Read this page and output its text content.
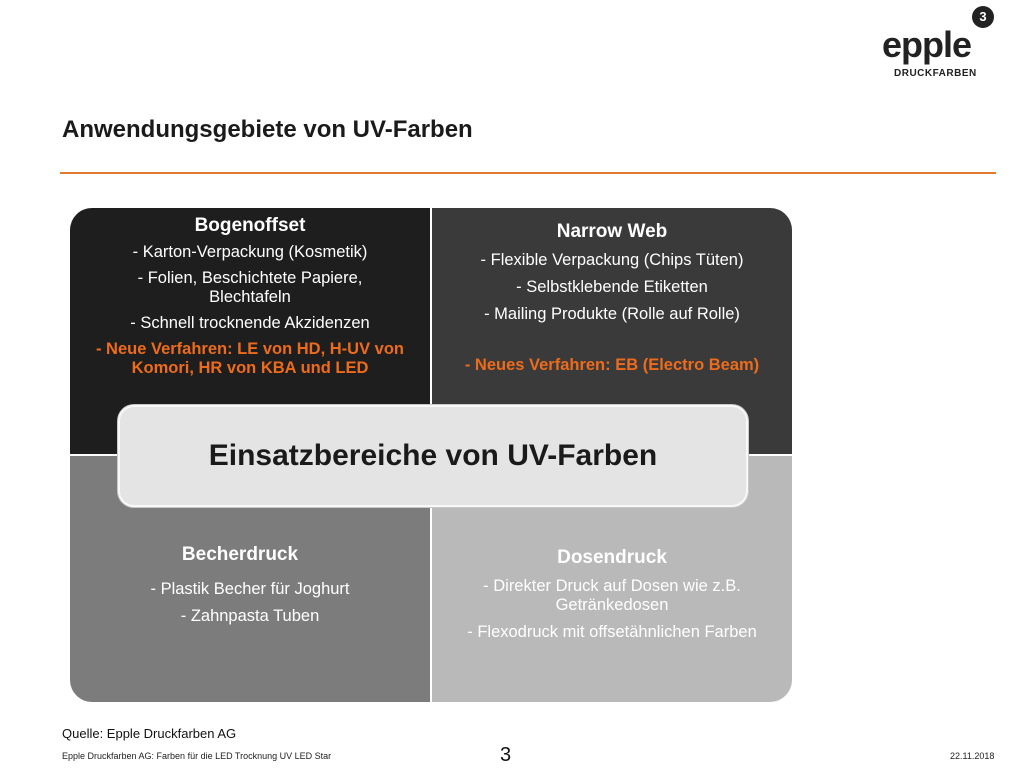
epple
3
DRUCKFARBEN
Anwendungsgebiete von UV-Farben
Bogenoffset
- Karton-Verpackung (Kosmetik)
- Folien, Beschichtete Papiere, Blechtafeln
- Schnell trocknende Akzidenzen
- Neue Verfahren: LE von HD, H-UV von Komori, HR von KBA und LED
Narrow Web
- Flexible Verpackung (Chips Tüten)
- Selbstklebende Etiketten
- Mailing Produkte (Rolle auf Rolle)
- Neues Verfahren: EB (Electro Beam)
Becherdruck
- Plastik Becher für Joghurt
- Zahnpasta Tuben
Dosendruck
- Direkter Druck auf Dosen wie z.B. Getränkedosen
- Flexodruck mit offsetähnlichen Farben
Einsatzbereiche von UV-Farben
Quelle: Epple Druckfarben AG
Epple Druckfarben AG: Farben für die LED Trocknung UV LED Star	3	22.11.2018
